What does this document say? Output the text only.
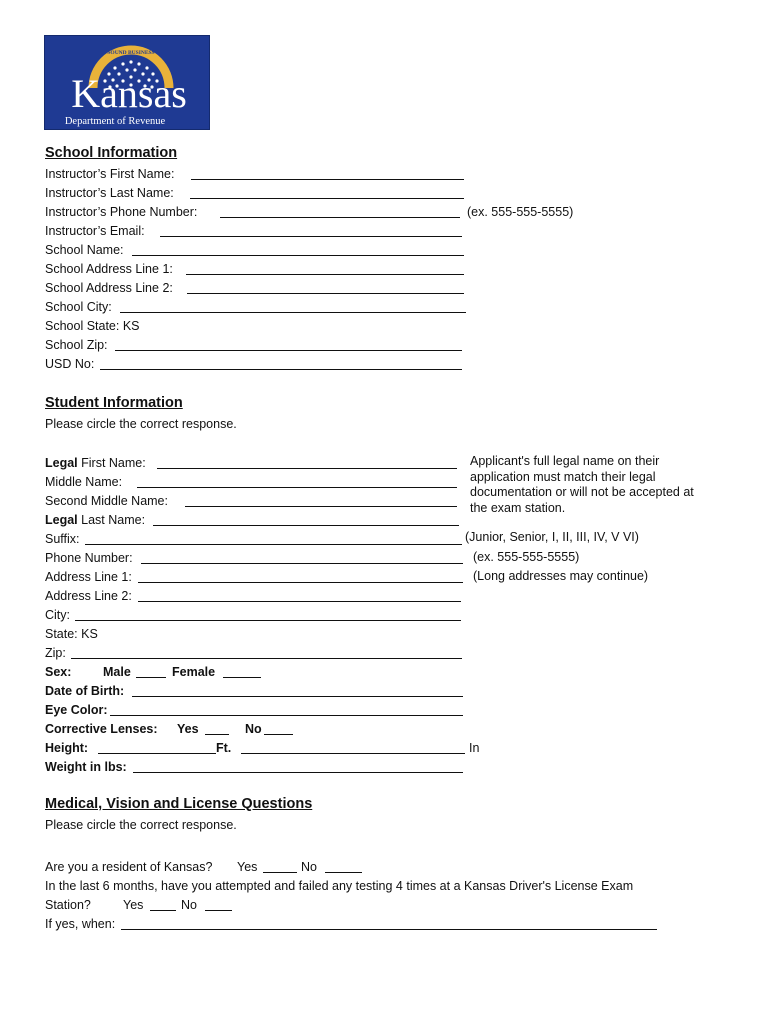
SOUND BUSINESS
Kansas
Department of Revenue
School Information
Instructor’s First Name:
Instructor’s Last Name:
Instructor’s Phone Number:	(ex. 555-555-5555)
Instructor’s Email:
School Name:
School Address Line 1:
School Address Line 2:
School City:
School State: KS
School Zip:
USD No:
Student Information
Please circle the correct response.
Legal First Name:
Middle Name:
Second Middle Name:
Legal Last Name:
Applicant's full legal name on their application must match their legal documentation or will not be accepted at the exam station.
Suffix:	(Junior, Senior, I, II, III, IV, V VI)
Phone Number:	(ex. 555-555-5555)
Address Line 1:	(Long addresses may continue)
Address Line 2:
City:
State: KS
Zip:
Sex:	Male	Female
Date of Birth:
Eye Color:
Corrective Lenses: Yes	No
Height:	Ft.	In
Weight in lbs:
Medical, Vision and License Questions
Please circle the correct response.
Are you a resident of Kansas? Yes	No
In the last 6 months, have you attempted and failed any testing 4 times at a Kansas Driver's License Exam
Station?	Yes	No
If yes, when:
